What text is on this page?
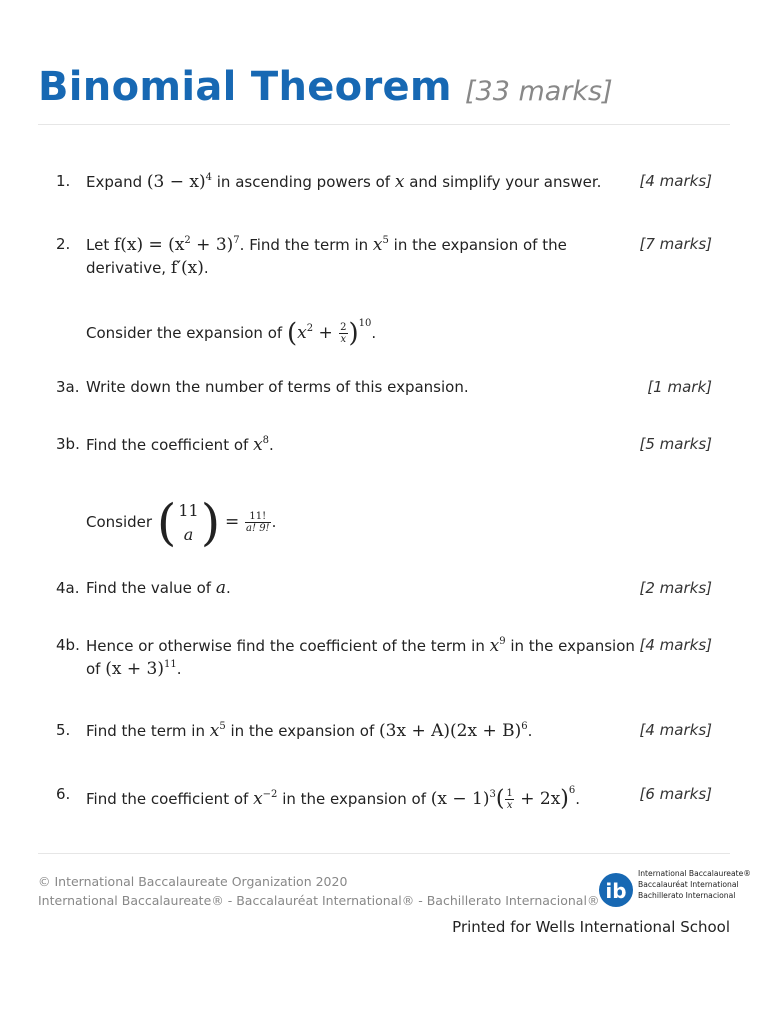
Binomial Theorem [33 marks]
1. Expand $(3 - x)^4$ in ascending powers of x and simplify your answer.	[4 marks]
2. Let $f(x) = (x^2 + 3)^7$. Find the term in $x^5$ in the expansion of the
derivative, f′(x).
[7 marks]
Consider the expansion of $(x^2 + \frac{2}{x} )^{10}$.
3a. Write down the number of terms of this expansion.	[1 mark]
3b. Find the coefficient of $x^8$.	[5 marks]
Consider ( 11
a ) = $\frac{11!}{a! 9!}$ .
4a. Find the value of a.	[2 marks]
4b. Hence or otherwise find the coefficient of the term in $x^9$ in the expansion
of $(x + 3)^{11}$.
[4 marks]
5. Find the term in $x^5$ in the expansion of $(3x + A)(2x + B)^6$.	[4 marks]
6. Find the coefficient of $x^{-2}$ in the expansion of $(x - 1)^3( \frac{1}{x} + 2x)^6$.	[6 marks]
© International Baccalaureate Organization 2020
International Baccalaureate® - Baccalauréat International® - Bachillerato Internacional® ib
International Baccalaureate®
Baccalauréat International
Bachillerato Internacional
Printed for Wells International School
